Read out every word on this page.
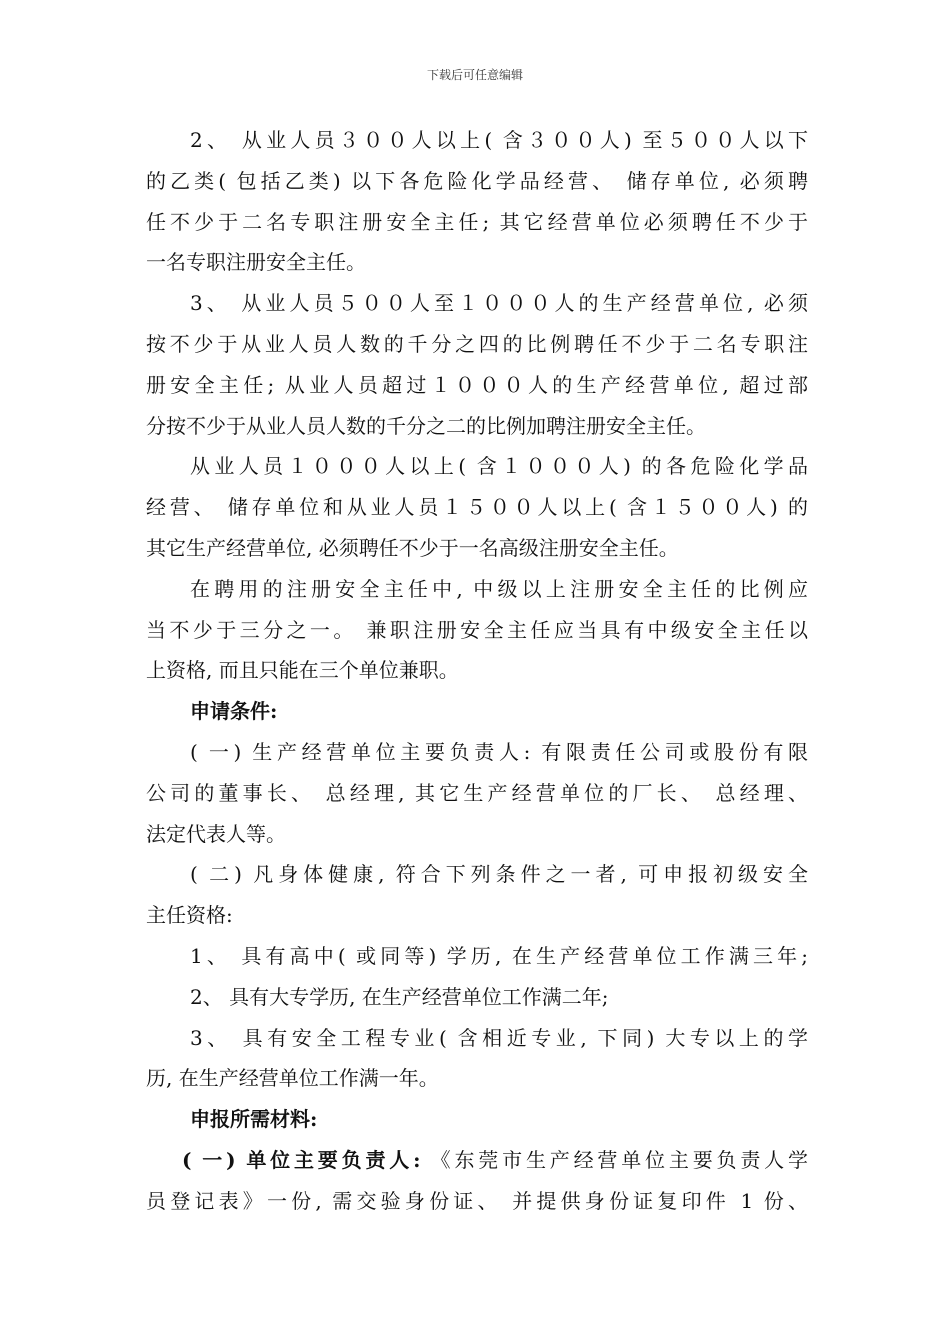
下载后可任意编辑
2、 从业人员３００人以上( 含３００人) 至５００人以下
的乙类( 包括乙类) 以下各危险化学品经营、 储存单位, 必须聘
任不少于二名专职注册安全主任; 其它经营单位必须聘任不少于
一名专职注册安全主任。
3、 从业人员５００人至１０００人的生产经营单位, 必须
按不少于从业人员人数的千分之四的比例聘任不少于二名专职注
册安全主任; 从业人员超过１０００人的生产经营单位, 超过部
分按不少于从业人员人数的千分之二的比例加聘注册安全主任。
从业人员１０００人以上( 含１０００人) 的各危险化学品
经营、 储存单位和从业人员１５００人以上( 含１５００人) 的
其它生产经营单位, 必须聘任不少于一名高级注册安全主任。
在聘用的注册安全主任中, 中级以上注册安全主任的比例应
当不少于三分之一。 兼职注册安全主任应当具有中级安全主任以
上资格, 而且只能在三个单位兼职。
申请条件:
( 一) 生产经营单位主要负责人: 有限责任公司或股份有限
公司的董事长、 总经理, 其它生产经营单位的厂长、 总经理、
法定代表人等。
( 二) 凡身体健康, 符合下列条件之一者, 可申报初级安全
主任资格:
1、 具有高中( 或同等) 学历, 在生产经营单位工作满三年;
2、 具有大专学历, 在生产经营单位工作满二年;
3、 具有安全工程专业( 含相近专业, 下同) 大专以上的学
历, 在生产经营单位工作满一年。
申报所需材料:
( 一) 单位主要负责人: 《东莞市生产经营单位主要负责人学
员登记表》一份, 需交验身份证、 并提供身份证复印件 1 份、
